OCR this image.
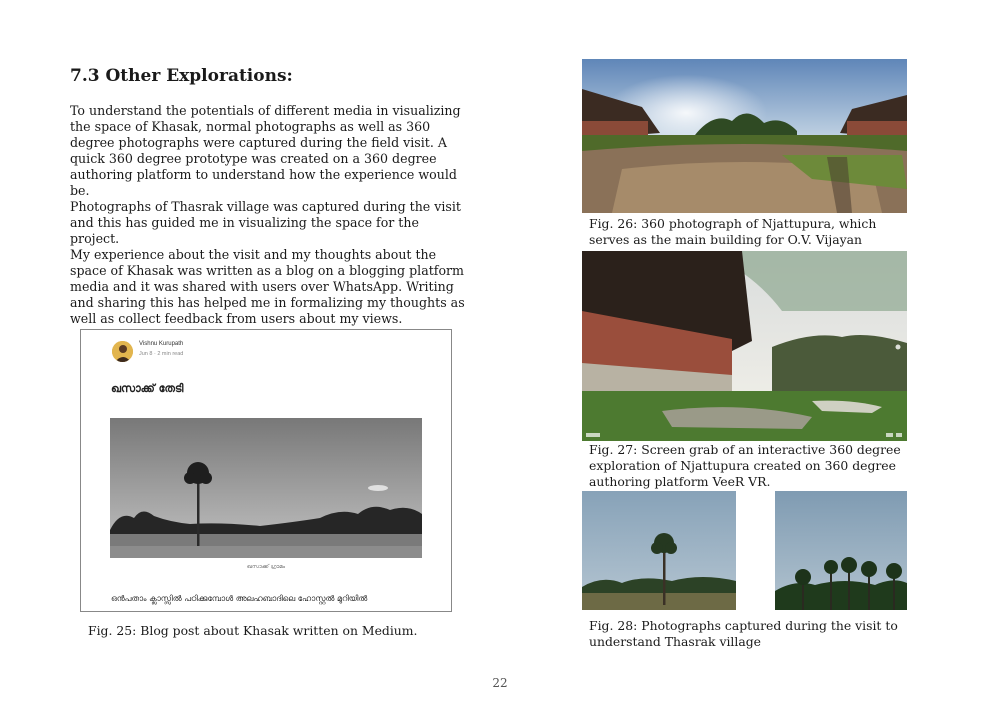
7.3 Other Explorations:

To understand the potentials of different media in visualizing the space of Khasak, normal photographs as well as 360 degree photographs were captured during the field visit. A quick 360 degree prototype was created on a 360 degree authoring platform to understand how the experience would be.

Photographs of Thasrak village was captured during the visit and this has guided me in visualizing the space for the project.

My experience about the visit and my thoughts about the space of Khasak was written as a blog on a blogging platform media and it was shared with users over WhatsApp. Writing and sharing this has helped me in formalizing my thoughts as well as collect feedback from users about my views.

Vishnu Kurupath
Jun 8 · 2 min read
ഖസാക്ക് തേടി
ഖസാക്ക് ഗ്രാമം
ഒൻപതാം ക്ലാസ്സിൽ പഠിക്കുമ്പോൾ അലഹബാദിലെ ഹോസ്റ്റൽ മുറിയിൽ

Fig. 25: Blog post about Khasak written on Medium.

Fig. 26: 360 photograph of Njattupura, which serves as the main building for O.V. Vijayan

Fig. 27: Screen grab of an interactive 360 degree exploration of Njattupura created on 360 degree authoring platform VeeR VR.

Fig. 28: Photographs captured during the visit to understand Thasrak village

22
